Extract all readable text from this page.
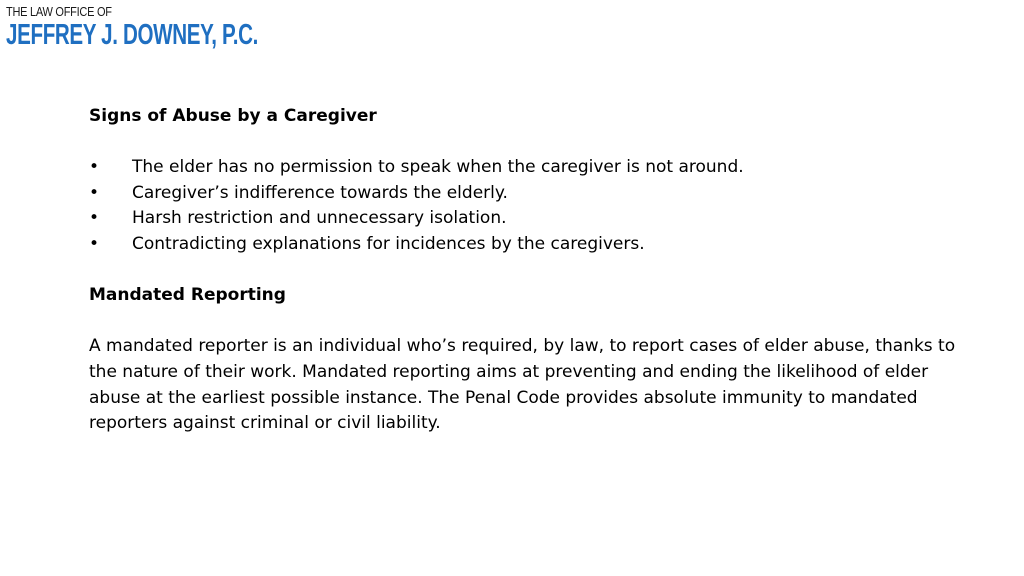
THE LAW OFFICE OF
JEFFREY J. DOWNEY, P.C.

Signs of Abuse by a Caregiver

• The elder has no permission to speak when the caregiver is not around.
• Caregiver’s indifference towards the elderly.
• Harsh restriction and unnecessary isolation.
• Contradicting explanations for incidences by the caregivers.

Mandated Reporting

A mandated reporter is an individual who’s required, by law, to report cases of elder abuse, thanks to the nature of their work. Mandated reporting aims at preventing and ending the likelihood of elder abuse at the earliest possible instance. The Penal Code provides absolute immunity to mandated reporters against criminal or civil liability.
